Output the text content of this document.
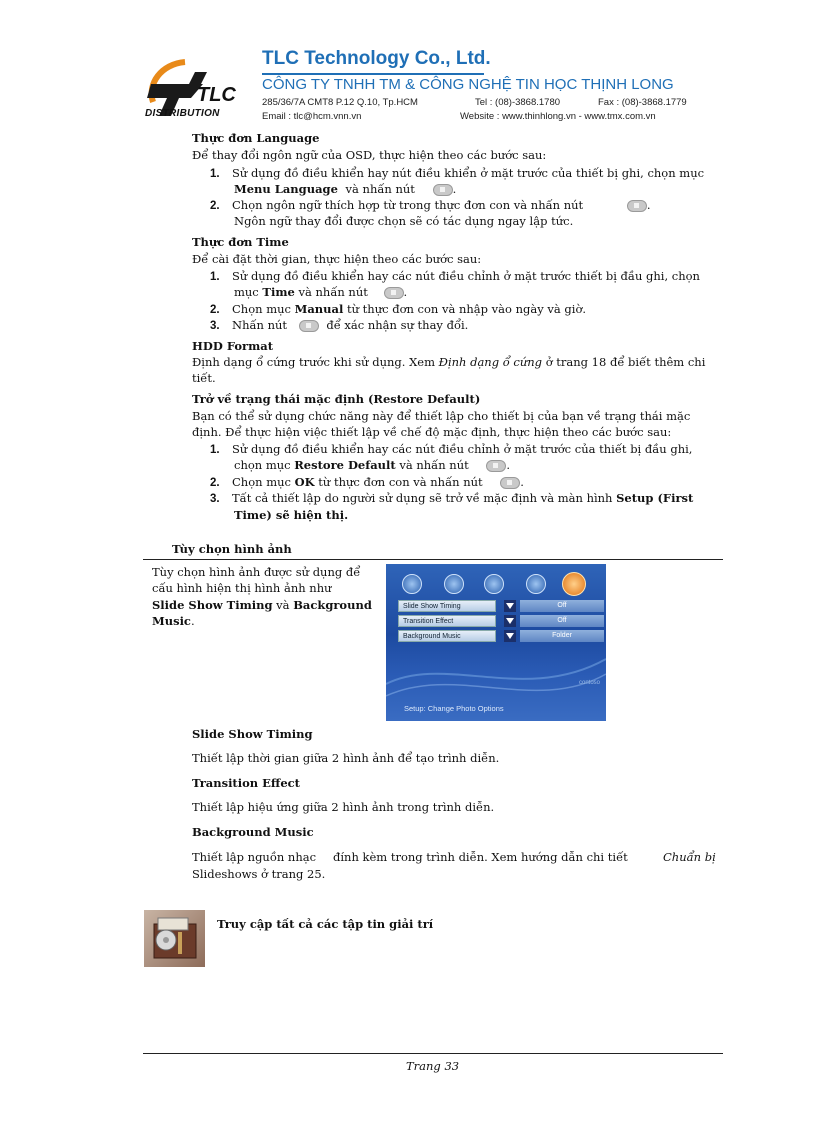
TLC
DISTRIBUTION
TLC Technology Co., Ltd.
CÔNG TY TNHH TM & CÔNG NGHỆ TIN HỌC THỊNH LONG
285/36/7A CMT8 P.12 Q.10, Tp.HCM	Tel : (08)-3868.1780	Fax : (08)-3868.1779
Email : tlc@hcm.vnn.vn	Website : www.thinhlong.vn - www.tmx.com.vn
Thực đơn Language
Để thay đổi ngôn ngữ của OSD, thực hiện theo các bước sau:
1. Sử dụng đồ điều khiển hay nút điều khiển ở mặt trước của thiết bị ghi, chọn mục
Menu Language và nhấn nút	.
2. Chọn ngôn ngữ thích hợp từ trong thực đơn con và nhấn nút	.
Ngôn ngữ thay đổi được chọn sẽ có tác dụng ngay lập tức.
Thực đơn Time
Để cài đặt thời gian, thực hiện theo các bước sau:
1. Sử dụng đồ điều khiển hay các nút điều chỉnh ở mặt trước thiết bị đầu ghi, chọn
mục Time và nhấn nút	.
2. Chọn mục Manual từ thực đơn con và nhập vào ngày và giờ.
3. Nhấn nút	để xác nhận sự thay đổi.
HDD Format
Định dạng ổ cứng trước khi sử dụng. Xem Định dạng ổ cứng ở trang 18 để biết thêm chi
tiết.
Trở về trạng thái mặc định (Restore Default)
Bạn có thể sử dụng chức năng này để thiết lập cho thiết bị của bạn về trạng thái mặc
định. Để thực hiện việc thiết lập về chế độ mặc định, thực hiện theo các bước sau:
1. Sử dụng đồ điều khiển hay các nút điều chỉnh ở mặt trước của thiết bị đầu ghi,
chọn mục Restore Default và nhấn nút	.
2. Chọn mục OK từ thực đơn con và nhấn nút	.
3. Tất cả thiết lập do người sử dụng sẽ trở về mặc định và màn hình Setup (First
Time) sẽ hiện thị.
Tùy chọn hình ảnh
Tùy chọn hình ảnh được sử dụng để
cấu hình hiện thị hình ảnh như
Slide Show Timing và Background
Music.
Slide Show Timing	Off
Transition Effect	Off
Background Music	Folder
contoso
Setup: Change Photo Options
Slide Show Timing
Thiết lập thời gian giữa 2 hình ảnh để tạo trình diễn.
Transition Effect
Thiết lập hiệu ứng giữa 2 hình ảnh trong trình diễn.
Background Music
Thiết lập nguồn nhạc đính kèm trong trình diễn. Xem hướng dẫn chi tiết	Chuẩn bị
Slideshows ở trang 25.
Truy cập tất cả các tập tin giải trí
Trang 33
